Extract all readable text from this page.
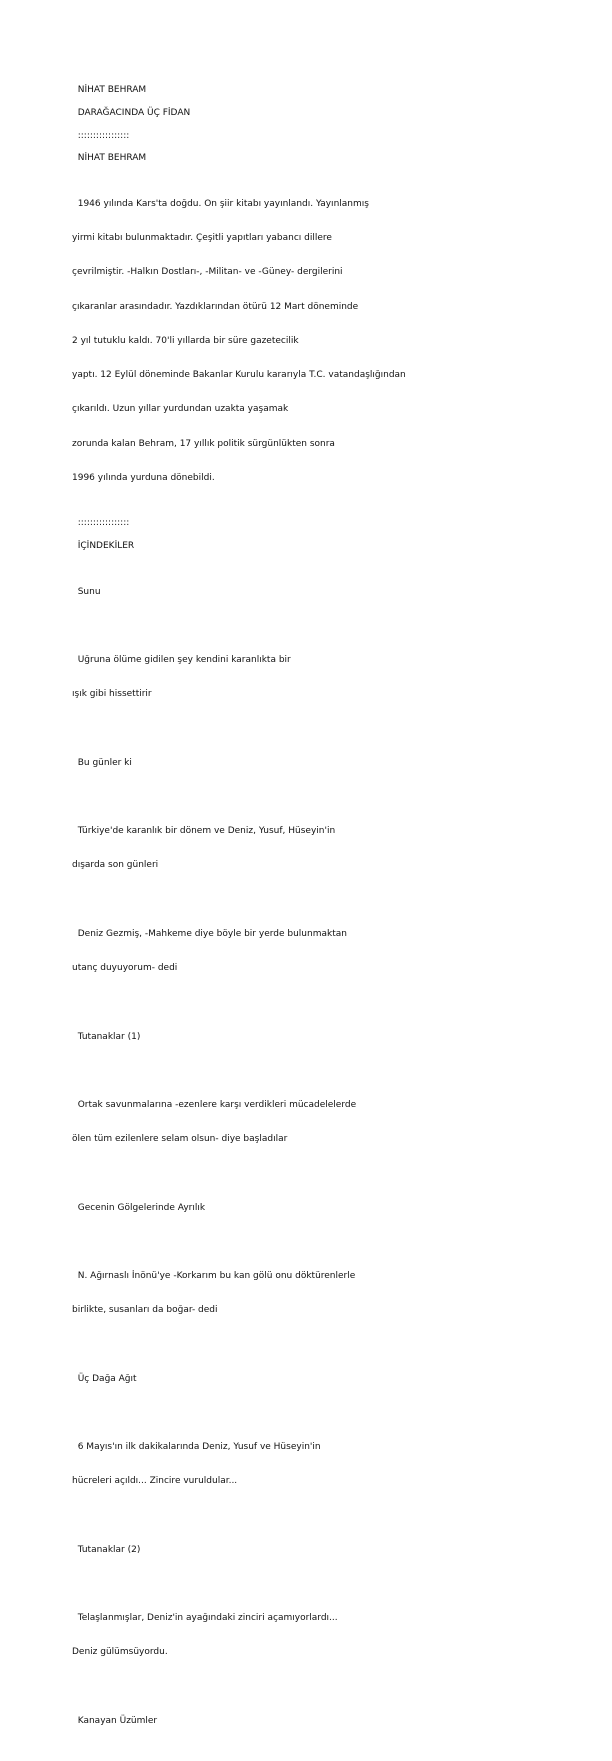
NİHAT BEHRAM
DARAĞACINDA ÜÇ FİDAN
:::::::::::::::::
NİHAT BEHRAM

1946 yılında Kars'ta doğdu. On şiir kitabı yayınlandı. Yayınlanmış

yirmi kitabı bulunmaktadır. Çeşitli yapıtları yabancı dillere

çevrilmiştir. -Halkın Dostları-, -Militan- ve -Güney- dergilerini

çıkaranlar arasındadır. Yazdıklarından ötürü 12 Mart döneminde

2 yıl tutuklu kaldı. 70'li yıllarda bir süre gazetecilik

yaptı. 12 Eylül döneminde Bakanlar Kurulu kararıyla T.C. vatandaşlığından

çıkarıldı. Uzun yıllar yurdundan uzakta yaşamak

zorunda kalan Behram, 17 yıllık politik sürgünlükten sonra

1996 yılında yurduna dönebildi.

:::::::::::::::::
İÇİNDEKİLER

Sunu

Uğruna ölüme gidilen şey kendini karanlıkta bir

ışık gibi hissettirir

Bu günler ki

Türkiye'de karanlık bir dönem ve Deniz, Yusuf, Hüseyin'in

dışarda son günleri

Deniz Gezmiş, -Mahkeme diye böyle bir yerde bulunmaktan

utanç duyuyorum- dedi

Tutanaklar (1)

Ortak savunmalarına -ezenlere karşı verdikleri mücadelelerde

ölen tüm ezilenlere selam olsun- diye başladılar

Gecenin Gölgelerinde Ayrılık

N. Ağırnaslı İnönü'ye -Korkarım bu kan gölü onu döktürenlerle

birlikte, susanları da boğar- dedi

Üç Dağa Ağıt

6 Mayıs'ın ilk dakikalarında Deniz, Yusuf ve Hüseyin'in

hücreleri açıldı... Zincire vuruldular...

Tutanaklar (2)

Telaşlanmışlar, Deniz'in ayağındaki zinciri açamıyorlardı...

Deniz gülümsüyordu.

Kanayan Üzümler
